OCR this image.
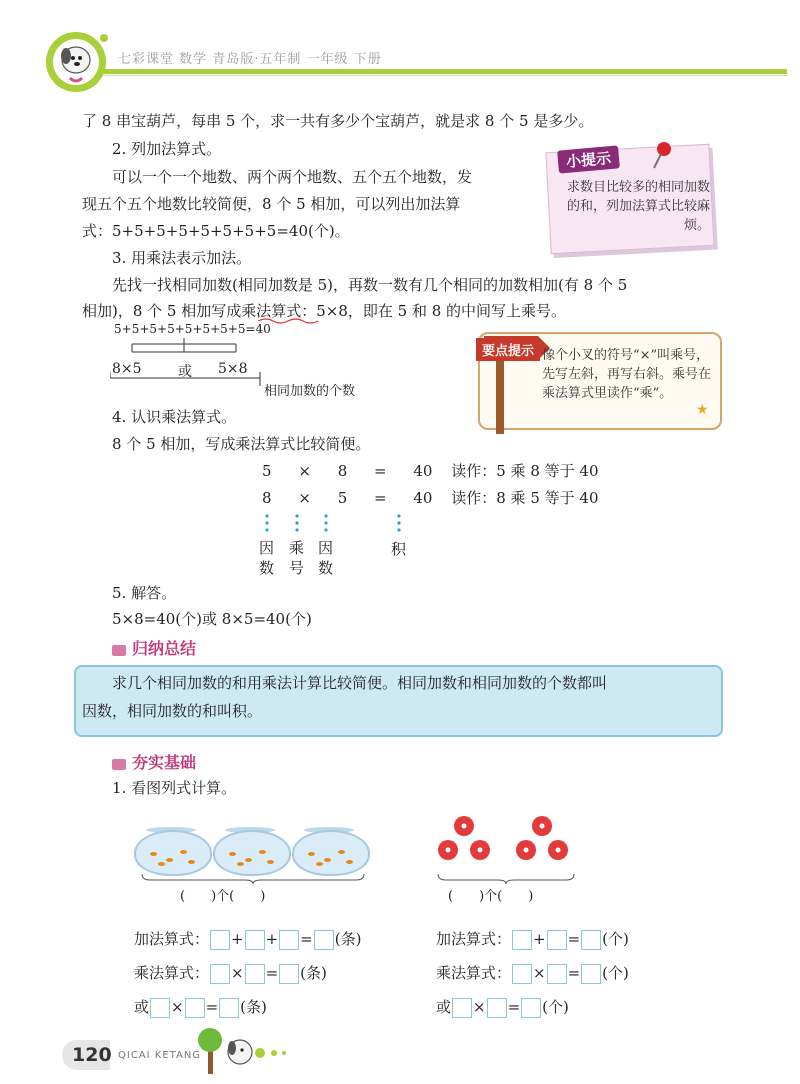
七彩课堂 数学 青岛版·五年制 一年级 下册
了 8 串宝葫芦，每串 5 个，求一共有多少个宝葫芦，就是求 8 个 5 是多少。
2. 列加法算式。
可以一个一个地数、两个两个地数、五个五个地数，发
现五个五个地数比较简便，8 个 5 相加，可以列出加法算
式：5+5+5+5+5+5+5+5=40(个)。
小提示
求数目比较多的相同加数的和，列加法算式比较麻烦。
3. 用乘法表示加法。
先找一找相同加数(相同加数是 5)，再数一数有几个相同的加数相加(有 8 个 5
相加)，8 个 5 相加写成乘法算式：5×8，即在 5 和 8 的中间写上乘号。
5+5+5+5+5+5+5+5=40
8×5	或 5×8
相同加数的个数
要点提示 像个小叉的符号“×”叫乘号，先写左斜，再写右斜。乘号在乘法算式里读作“乘”。
★
4. 认识乘法算式。
8 个 5 相加，写成乘法算式比较简便。
5 × 8 = 40 读作：5 乘 8 等于 40
8 × 5 = 40 读作：8 乘 5 等于 40
因数
乘号
因数
积
5. 解答。
5×8=40(个)或 8×5=40(个)
归纳总结
求几个相同加数的和用乘法计算比较简便。相同加数和相同加数的个数都叫
因数，相同加数的和叫积。
夯实基础
1. 看图列式计算。
(　　)个(　　)	(　　)个(　　)
加法算式： + + = (条)
乘法算式： × = (条)
或 × = (条)
加法算式： + = (个)
乘法算式： × = (个)
或 × = (个)
120 QICAI KETANG
